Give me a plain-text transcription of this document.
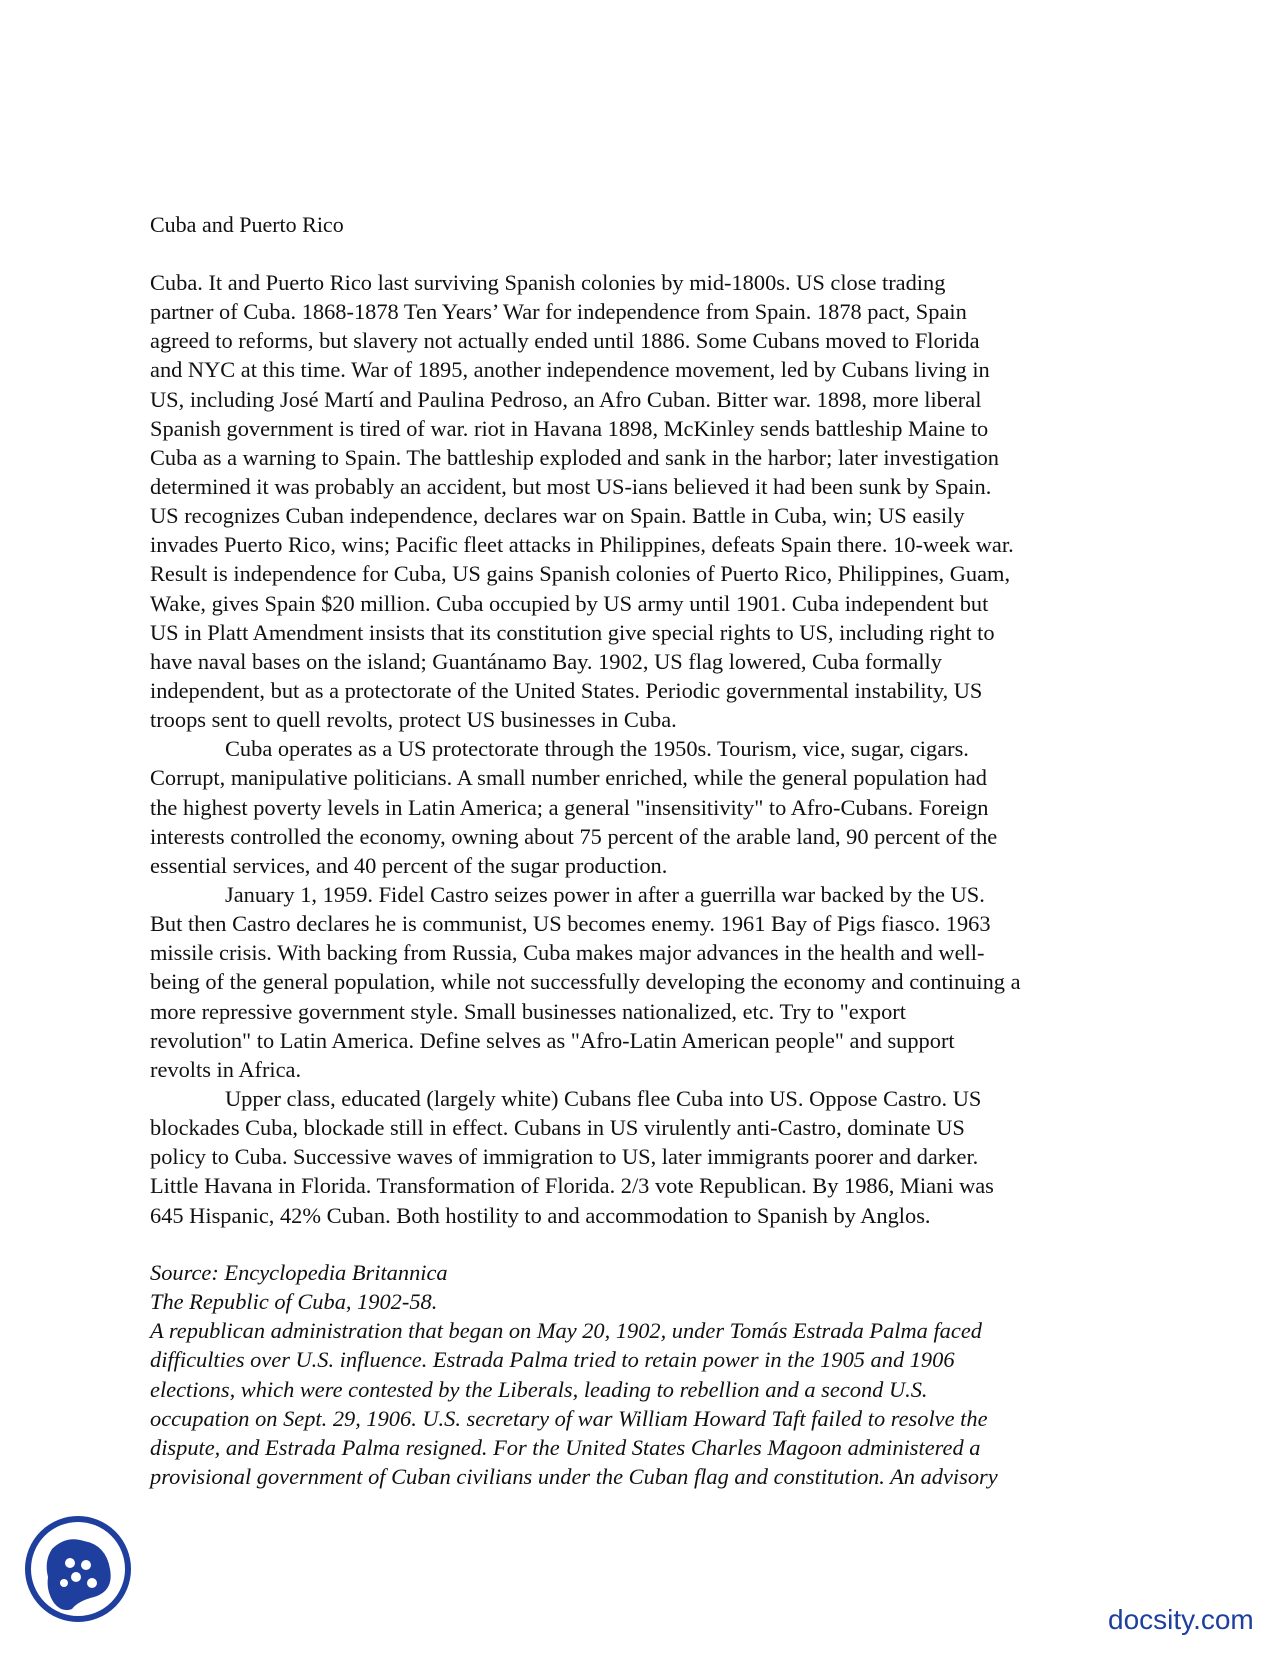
Cuba and Puerto Rico
Cuba. It and Puerto Rico last surviving Spanish colonies by mid-1800s. US close trading
partner of Cuba. 1868-1878 Ten Years’ War for independence from Spain. 1878 pact, Spain
agreed to reforms, but slavery not actually ended until 1886. Some Cubans moved to Florida
and NYC at this time. War of 1895, another independence movement, led by Cubans living in
US, including José Martí and Paulina Pedroso, an Afro Cuban. Bitter war. 1898, more liberal
Spanish government is tired of war. riot in Havana 1898, McKinley sends battleship Maine to
Cuba as a warning to Spain. The battleship exploded and sank in the harbor; later investigation
determined it was probably an accident, but most US-ians believed it had been sunk by Spain.
US recognizes Cuban independence, declares war on Spain. Battle in Cuba, win; US easily
invades Puerto Rico, wins; Pacific fleet attacks in Philippines, defeats Spain there. 10-week war.
Result is independence for Cuba, US gains Spanish colonies of Puerto Rico, Philippines, Guam,
Wake, gives Spain $20 million. Cuba occupied by US army until 1901. Cuba independent but
US in Platt Amendment insists that its constitution give special rights to US, including right to
have naval bases on the island; Guantánamo Bay. 1902, US flag lowered, Cuba formally
independent, but as a protectorate of the United States. Periodic governmental instability, US
troops sent to quell revolts, protect US businesses in Cuba.
Cuba operates as a US protectorate through the 1950s. Tourism, vice, sugar, cigars.
Corrupt, manipulative politicians. A small number enriched, while the general population had
the highest poverty levels in Latin America; a general "insensitivity" to Afro-Cubans. Foreign
interests controlled the economy, owning about 75 percent of the arable land, 90 percent of the
essential services, and 40 percent of the sugar production.
January 1, 1959. Fidel Castro seizes power in after a guerrilla war backed by the US.
But then Castro declares he is communist, US becomes enemy. 1961 Bay of Pigs fiasco. 1963
missile crisis. With backing from Russia, Cuba makes major advances in the health and well-
being of the general population, while not successfully developing the economy and continuing a
more repressive government style. Small businesses nationalized, etc. Try to "export
revolution" to Latin America. Define selves as "Afro-Latin American people" and support
revolts in Africa.
Upper class, educated (largely white) Cubans flee Cuba into US. Oppose Castro. US
blockades Cuba, blockade still in effect. Cubans in US virulently anti-Castro, dominate US
policy to Cuba. Successive waves of immigration to US, later immigrants poorer and darker.
Little Havana in Florida. Transformation of Florida. 2/3 vote Republican. By 1986, Miani was
645 Hispanic, 42% Cuban. Both hostility to and accommodation to Spanish by Anglos.
Source: Encyclopedia Britannica
The Republic of Cuba, 1902-58.
A republican administration that began on May 20, 1902, under Tomás Estrada Palma faced
difficulties over U.S. influence. Estrada Palma tried to retain power in the 1905 and 1906
elections, which were contested by the Liberals, leading to rebellion and a second U.S.
occupation on Sept. 29, 1906. U.S. secretary of war William Howard Taft failed to resolve the
dispute, and Estrada Palma resigned. For the United States Charles Magoon administered a
provisional government of Cuban civilians under the Cuban flag and constitution. An advisory
docsity.com
